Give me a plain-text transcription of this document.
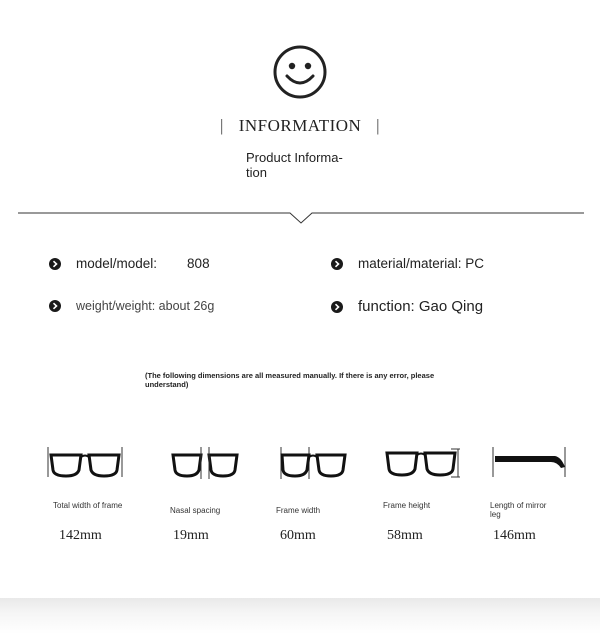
| INFORMATION |
Product Informa-
tion
model/model: 808	material/material: PC
weight/weight: about 26g	function: Gao Qing
(The following dimensions are all measured manually. If there is any error, please understand)
Total width of frame
142mm
Nasal spacing
19mm
Frame width
60mm
Frame height
58mm
Length of mirror leg
146mm
